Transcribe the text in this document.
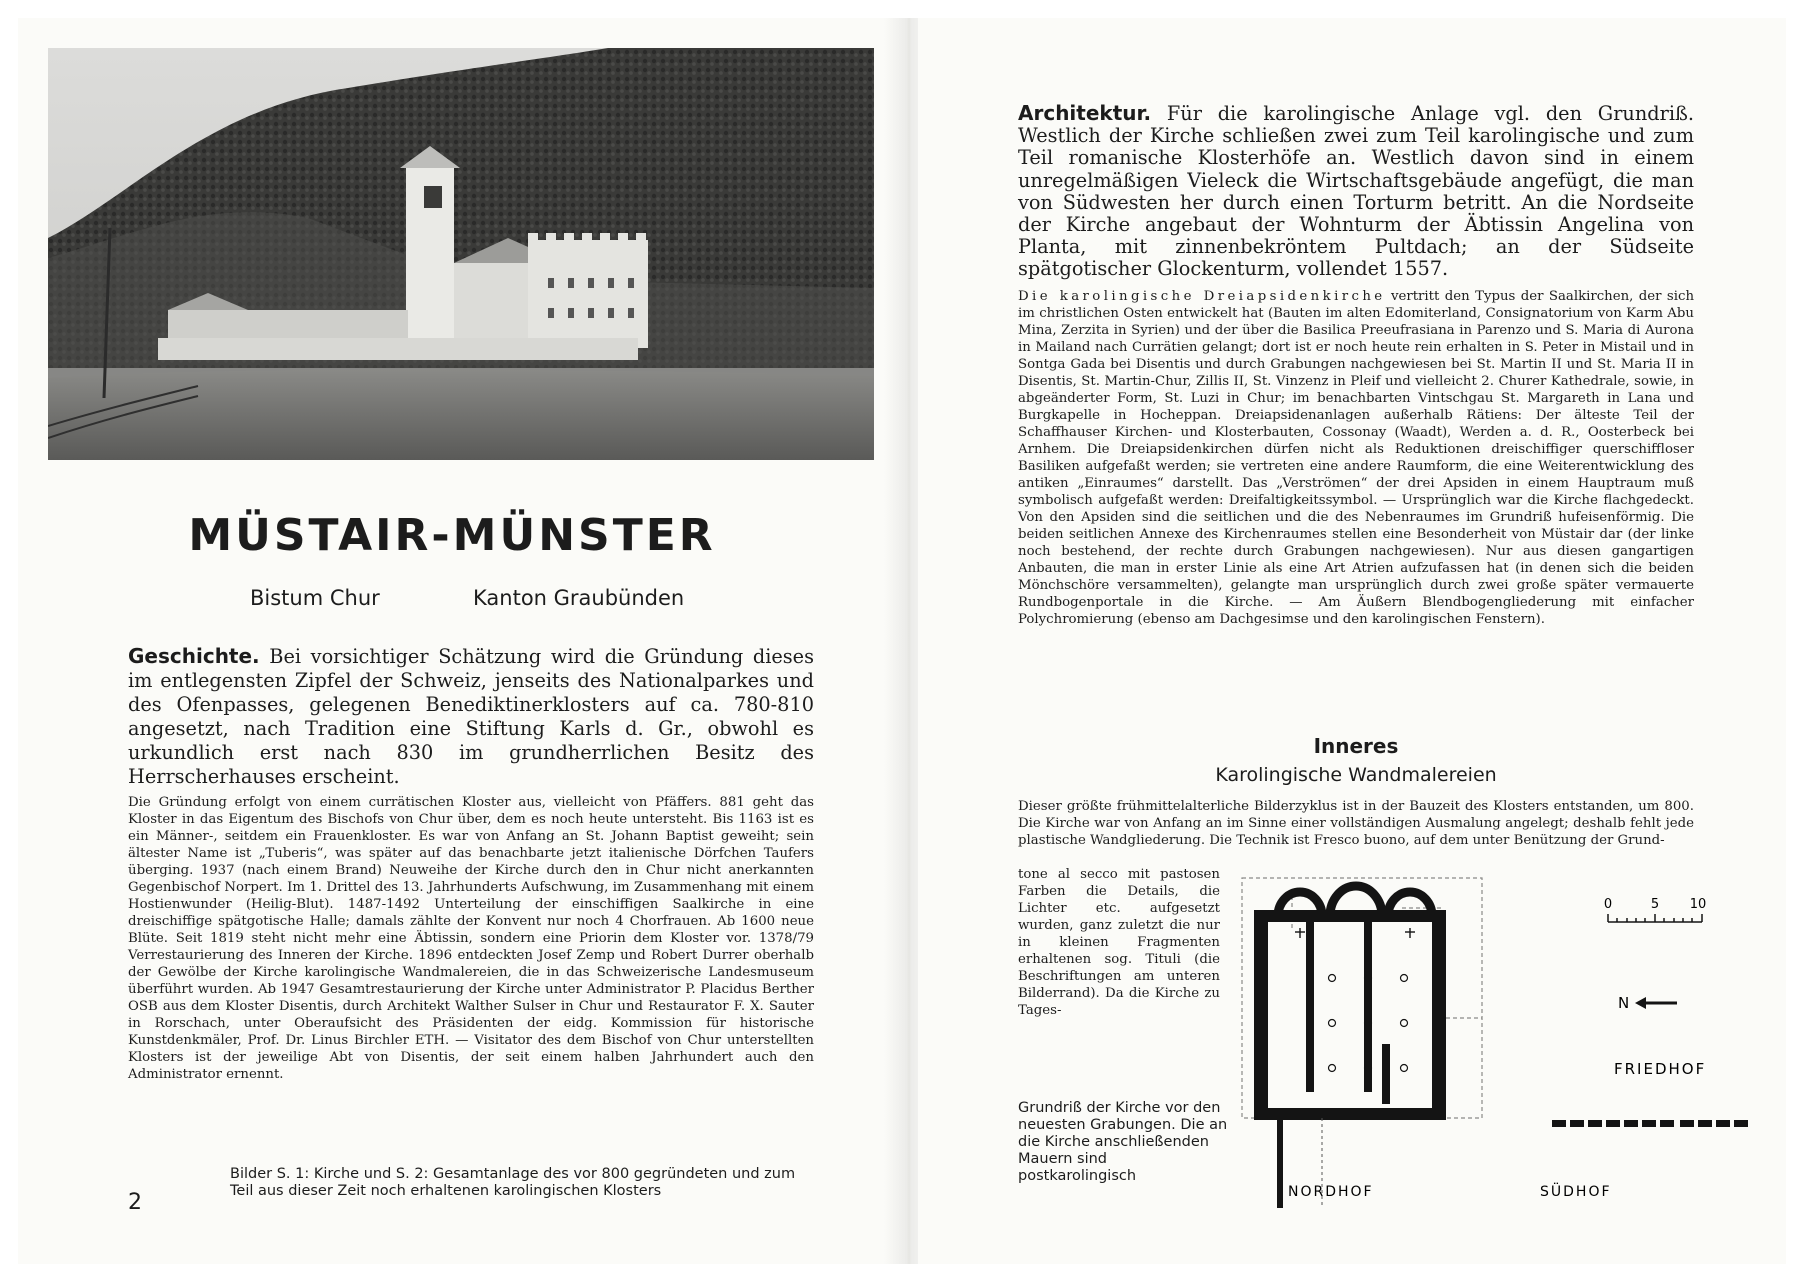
MÜSTAIR-MÜNSTER
Bistum Chur	Kanton Graubünden
Geschichte. Bei vorsichtiger Schätzung wird die Gründung dieses im entlegensten Zipfel der Schweiz, jenseits des Nationalparkes und des Ofenpasses, gelegenen Benediktinerklosters auf ca. 780-810 angesetzt, nach Tradition eine Stiftung Karls d. Gr., obwohl es urkundlich erst nach 830 im grundherrlichen Besitz des Herrscherhauses erscheint.
Die Gründung erfolgt von einem currätischen Kloster aus, vielleicht von Pfäffers. 881 geht das Kloster in das Eigentum des Bischofs von Chur über, dem es noch heute untersteht. Bis 1163 ist es ein Männer-, seitdem ein Frauenkloster. Es war von Anfang an St. Johann Baptist geweiht; sein ältester Name ist „Tuberis“, was später auf das benachbarte jetzt italienische Dörfchen Taufers überging. 1937 (nach einem Brand) Neuweihe der Kirche durch den in Chur nicht anerkannten Gegenbischof Norpert. Im 1. Drittel des 13. Jahrhunderts Aufschwung, im Zusammenhang mit einem Hostienwunder (Heilig-Blut). 1487-1492 Unterteilung der einschiffigen Saalkirche in eine dreischiffige spätgotische Halle; damals zählte der Konvent nur noch 4 Chorfrauen. Ab 1600 neue Blüte. Seit 1819 steht nicht mehr eine Äbtissin, sondern eine Priorin dem Kloster vor. 1378/79 Verrestaurierung des Inneren der Kirche. 1896 entdeckten Josef Zemp und Robert Durrer oberhalb der Gewölbe der Kirche karolingische Wandmalereien, die in das Schweizerische Landesmuseum überführt wurden. Ab 1947 Gesamtrestaurierung der Kirche unter Administrator P. Placidus Berther OSB aus dem Kloster Disentis, durch Architekt Walther Sulser in Chur und Restaurator F. X. Sauter in Rorschach, unter Oberaufsicht des Präsidenten der eidg. Kommission für historische Kunstdenkmäler, Prof. Dr. Linus Birchler ETH. — Visitator des dem Bischof von Chur unterstellten Klosters ist der jeweilige Abt von Disentis, der seit einem halben Jahrhundert auch den Administrator ernennt.
2
Bilder S. 1: Kirche und S. 2: Gesamtanlage des vor 800 gegründeten und zum Teil aus dieser Zeit noch erhaltenen karolingischen Klosters
Architektur. Für die karolingische Anlage vgl. den Grundriß. Westlich der Kirche schließen zwei zum Teil karolingische und zum Teil romanische Klosterhöfe an. Westlich davon sind in einem unregelmäßigen Vieleck die Wirtschaftsgebäude angefügt, die man von Südwesten her durch einen Torturm betritt. An die Nordseite der Kirche angebaut der Wohnturm der Äbtissin Angelina von Planta, mit zinnenbekröntem Pultdach; an der Südseite spätgotischer Glockenturm, vollendet 1557.
Die karolingische Dreiapsidenkirche vertritt den Typus der Saalkirchen, der sich im christlichen Osten entwickelt hat (Bauten im alten Edomiterland, Consignatorium von Karm Abu Mina, Zerzita in Syrien) und der über die Basilica Preeufrasiana in Parenzo und S. Maria di Aurona in Mailand nach Currätien gelangt; dort ist er noch heute rein erhalten in S. Peter in Mistail und in Sontga Gada bei Disentis und durch Grabungen nachgewiesen bei St. Martin II und St. Maria II in Disentis, St. Martin-Chur, Zillis II, St. Vinzenz in Pleif und vielleicht 2. Churer Kathedrale, sowie, in abgeänderter Form, St. Luzi in Chur; im benachbarten Vintschgau St. Margareth in Lana und Burgkapelle in Hocheppan. Dreiapsidenanlagen außerhalb Rätiens: Der älteste Teil der Schaffhauser Kirchen- und Klosterbauten, Cossonay (Waadt), Werden a. d. R., Oosterbeck bei Arnhem. Die Dreiapsidenkirchen dürfen nicht als Reduktionen dreischiffiger querschiffloser Basiliken aufgefaßt werden; sie vertreten eine andere Raumform, die eine Weiterentwicklung des antiken „Einraumes“ darstellt. Das „Verströmen“ der drei Apsiden in einem Hauptraum muß symbolisch aufgefaßt werden: Dreifaltigkeitssymbol. — Ursprünglich war die Kirche flachgedeckt. Von den Apsiden sind die seitlichen und die des Nebenraumes im Grundriß hufeisenförmig. Die beiden seitlichen Annexe des Kirchenraumes stellen eine Besonderheit von Müstair dar (der linke noch bestehend, der rechte durch Grabungen nachgewiesen). Nur aus diesen gangartigen Anbauten, die man in erster Linie als eine Art Atrien aufzufassen hat (in denen sich die beiden Mönchschöre versammelten), gelangte man ursprünglich durch zwei große später vermauerte Rundbogenportale in die Kirche. — Am Äußern Blendbogengliederung mit einfacher Polychromierung (ebenso am Dachgesimse und den karolingischen Fenstern).
Inneres
Karolingische Wandmalereien
Dieser größte frühmittelalterliche Bilderzyklus ist in der Bauzeit des Klosters entstanden, um 800. Die Kirche war von Anfang an im Sinne einer vollständigen Ausmalung angelegt; deshalb fehlt jede plastische Wandgliederung. Die Technik ist Fresco buono, auf dem unter Benützung der Grund-
tone al secco mit pastosen Farben die Details, die Lichter etc. aufgesetzt wurden, ganz zuletzt die nur in kleinen Fragmenten erhaltenen sog. Tituli (die Beschriftungen am unteren Bilderrand). Da die Kirche zu Tages-
Grundriß der Kirche vor den neuesten Grabungen. Die an die Kirche anschließenden Mauern sind postkarolingisch
0	5 10
N
FRIEDHOF
NORDHOF	SÜDHOF
